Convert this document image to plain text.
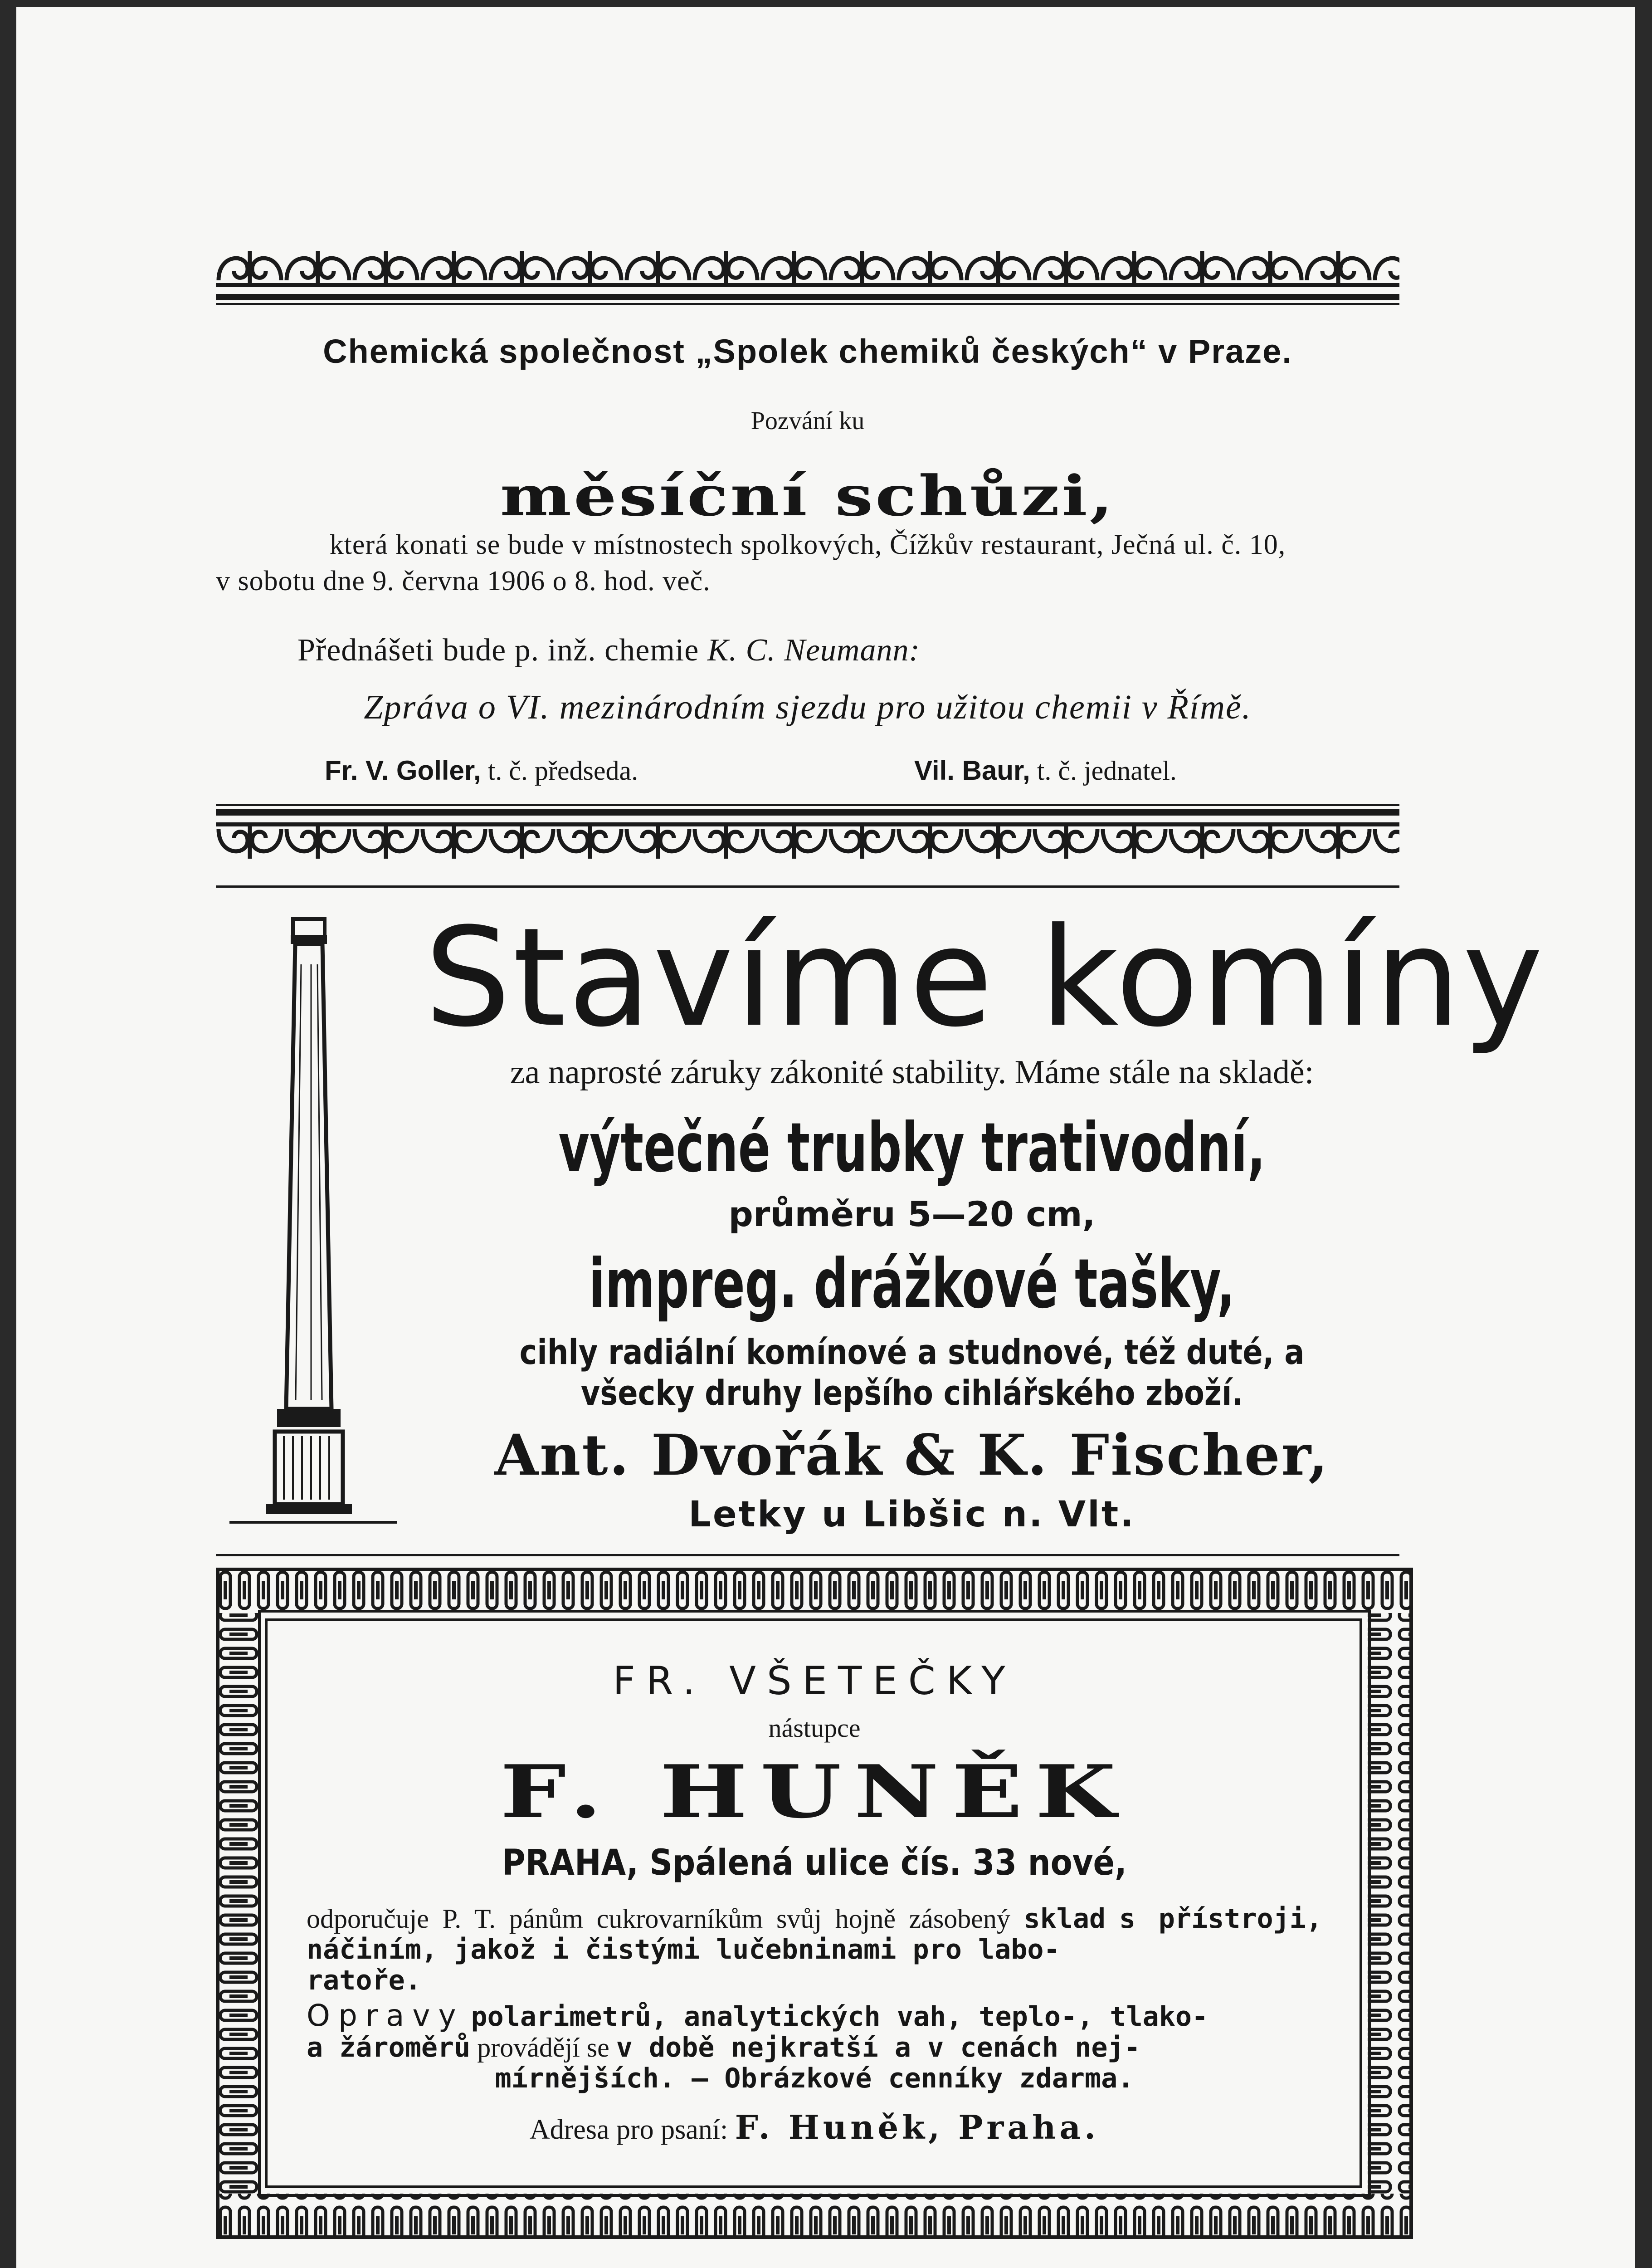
Chemická společnost „Spolek chemiků českých“ v Praze.
Pozvání ku
měsíční schůzi,
která konati se bude v místnostech spolkových, Čížkův restaurant, Ječná ul. č. 10,
v sobotu dne 9. června 1906 o 8. hod. več.
Přednášeti bude p. inž. chemie K. C. Neumann:
Zpráva o VI. mezinárodním sjezdu pro užitou chemii v Římě.
Fr. V. Goller, t. č. předseda.	Vil. Baur, t. č. jednatel.
Stavíme komíny
za naprosté záruky zákonité stability. Máme stále na skladě:
výtečné trubky trativodní,
průměru 5—20 cm,
impreg. drážkové tašky,
cihly radiální komínové a studnové, též duté, a
všecky druhy lepšího cihlářského zboží.
Ant. Dvořák & K. Fischer,
Letky u Libšic n. Vlt.
FR. VŠETEČKY
nástupce
F. HUNĚK
PRAHA, Spálená ulice čís. 33 nové,
odporučuje P. T. pánům cukrovarníkům svůj hojně zásobený sklad s přístroji, náčiním, jakož i čistými lučebninami pro labo-
ratoře.
Opravy polarimetrů, analytických vah, teplo-, tlako-
a žároměrů provádějí se v době nejkratší a v cenách nej-
mírnějších. — Obrázkové cenníky zdarma.
Adresa pro psaní: F. Huněk, Praha.
